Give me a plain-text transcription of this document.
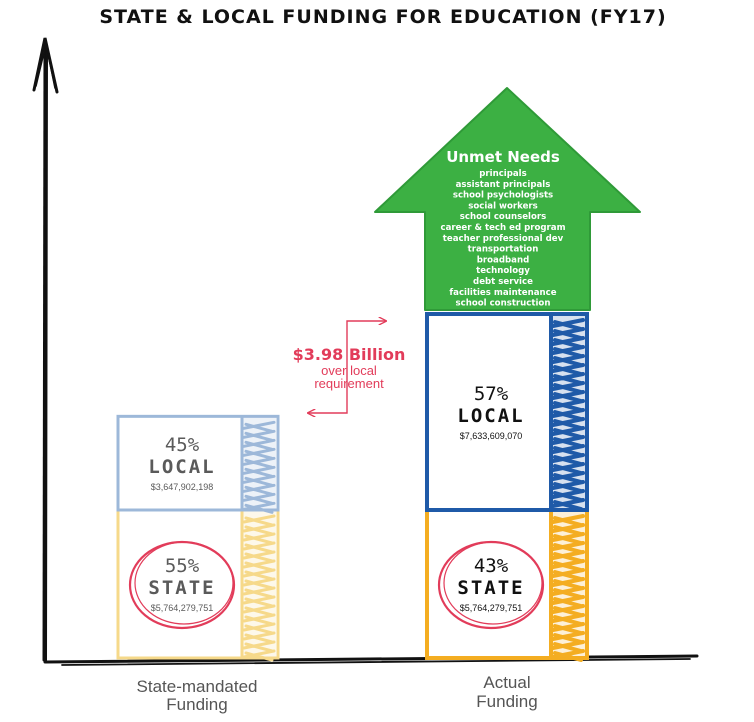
STATE & LOCAL FUNDING FOR EDUCATION (FY17)
55%
STATE
$5,764,279,751
45%
LOCAL
$3,647,902,198
43%
STATE
$5,764,279,751
57%
LOCAL
$7,633,609,070
Unmet Needs
principals
assistant principals
school psychologists
social workers
school counselors
career & tech ed program
teacher professional dev
transportation
broadband
technology
debt service
facilities maintenance
school construction
$3.98 Billion
over local
requirement
State-mandated
Funding
Actual
Funding
